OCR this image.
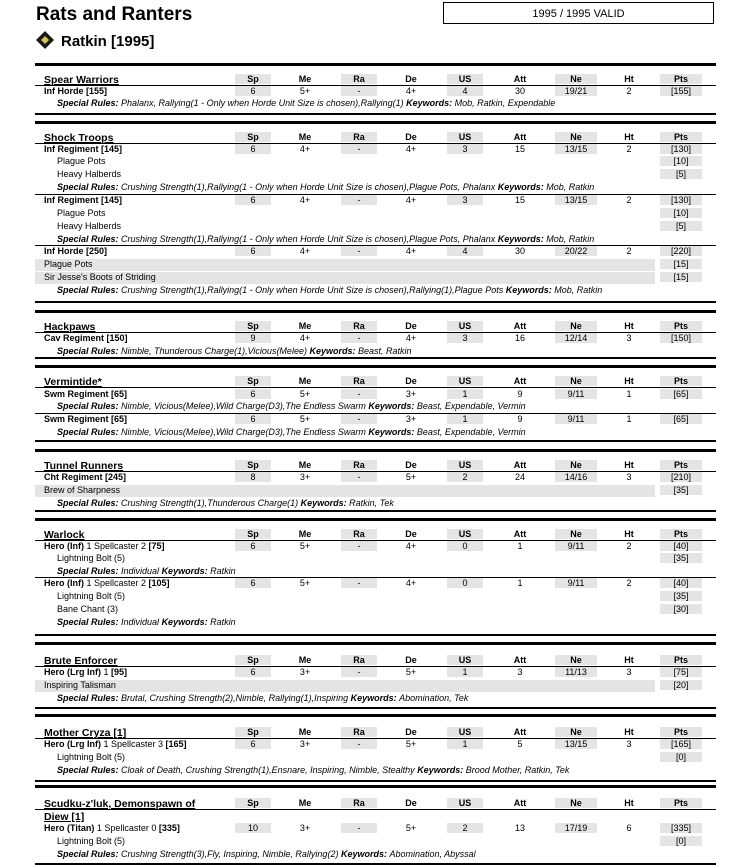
Rats and Ranters	1995 / 1995 VALID
Ratkin [1995]
Spear Warriors	Sp	Me	Ra	De	US	Att	Ne	Ht	Pts
Inf Horde [155]	6	5+	-	4+	4	30	19/21	2	[155]
Special Rules: Phalanx, Rallying(1 - Only when Horde Unit Size is chosen),Rallying(1) Keywords: Mob, Ratkin, Expendable
Shock Troops	Sp	Me	Ra	De	US	Att	Ne	Ht	Pts
Inf Regiment [145]	6	4+	-	4+	3	15	13/15	2	[130]
Plague Pots	[10]
Heavy Halberds	[5]
Special Rules: Crushing Strength(1),Rallying(1 - Only when Horde Unit Size is chosen),Plague Pots, Phalanx Keywords: Mob, Ratkin
Inf Regiment [145]	6	4+	-	4+	3	15	13/15	2	[130]
Plague Pots	[10]
Heavy Halberds	[5]
Special Rules: Crushing Strength(1),Rallying(1 - Only when Horde Unit Size is chosen),Plague Pots, Phalanx Keywords: Mob, Ratkin
Inf Horde [250]	6	4+	-	4+	4	30	20/22	2	[220]
Plague Pots	[15]
Sir Jesse's Boots of Striding	[15]
Special Rules: Crushing Strength(1),Rallying(1 - Only when Horde Unit Size is chosen),Rallying(1),Plague Pots Keywords: Mob, Ratkin
Hackpaws	Sp	Me	Ra	De	US	Att	Ne	Ht	Pts
Cav Regiment [150]	9	4+	-	4+	3	16	12/14	3	[150]
Special Rules: Nimble, Thunderous Charge(1),Vicious(Melee) Keywords: Beast, Ratkin
Vermintide*	Sp	Me	Ra	De	US	Att	Ne	Ht	Pts
Swm Regiment [65]	6	5+	-	3+	1	9	9/11	1	[65]
Special Rules: Nimble, Vicious(Melee),Wild Charge(D3),The Endless Swarm Keywords: Beast, Expendable, Vermin
Swm Regiment [65]	6	5+	-	3+	1	9	9/11	1	[65]
Special Rules: Nimble, Vicious(Melee),Wild Charge(D3),The Endless Swarm Keywords: Beast, Expendable, Vermin
Tunnel Runners	Sp	Me	Ra	De	US	Att	Ne	Ht	Pts
Cht Regiment [245]	8	3+	-	5+	2	24	14/16	3	[210]
Brew of Sharpness	[35]
Special Rules: Crushing Strength(1),Thunderous Charge(1) Keywords: Ratkin, Tek
Warlock	Sp	Me	Ra	De	US	Att	Ne	Ht	Pts
Hero (Inf) 1 Spellcaster 2 [75]	6	5+	-	4+	0	1	9/11	2	[40]
Lightning Bolt (5)	[35]
Special Rules: Individual Keywords: Ratkin
Hero (Inf) 1 Spellcaster 2 [105]	6	5+	-	4+	0	1	9/11	2	[40]
Lightning Bolt (5)	[35]
Bane Chant (3)	[30]
Special Rules: Individual Keywords: Ratkin
Brute Enforcer	Sp	Me	Ra	De	US	Att	Ne	Ht	Pts
Hero (Lrg Inf) 1 [95]	6	3+	-	5+	1	3	11/13	3	[75]
Inspiring Talisman	[20]
Special Rules: Brutal, Crushing Strength(2),Nimble, Rallying(1),Inspiring Keywords: Abomination, Tek
Mother Cryza [1]	Sp	Me	Ra	De	US	Att	Ne	Ht	Pts
Hero (Lrg Inf) 1 Spellcaster 3 [165]	6	3+	-	5+	1	5	13/15	3	[165]
Lightning Bolt (5)	[0]
Special Rules: Cloak of Death, Crushing Strength(1),Ensnare, Inspiring, Nimble, Stealthy Keywords: Brood Mother, Ratkin, Tek
Scudku-z'luk, Demonspawn of Diew [1]
Sp	Me	Ra	De	US	Att	Ne	Ht	Pts
Hero (Titan) 1 Spellcaster 0 [335]	10	3+	-	5+	2	13	17/19	6	[335]
Lightning Bolt (5)	[0]
Special Rules: Crushing Strength(3),Fly, Inspiring, Nimble, Rallying(2) Keywords: Abomination, Abyssal
